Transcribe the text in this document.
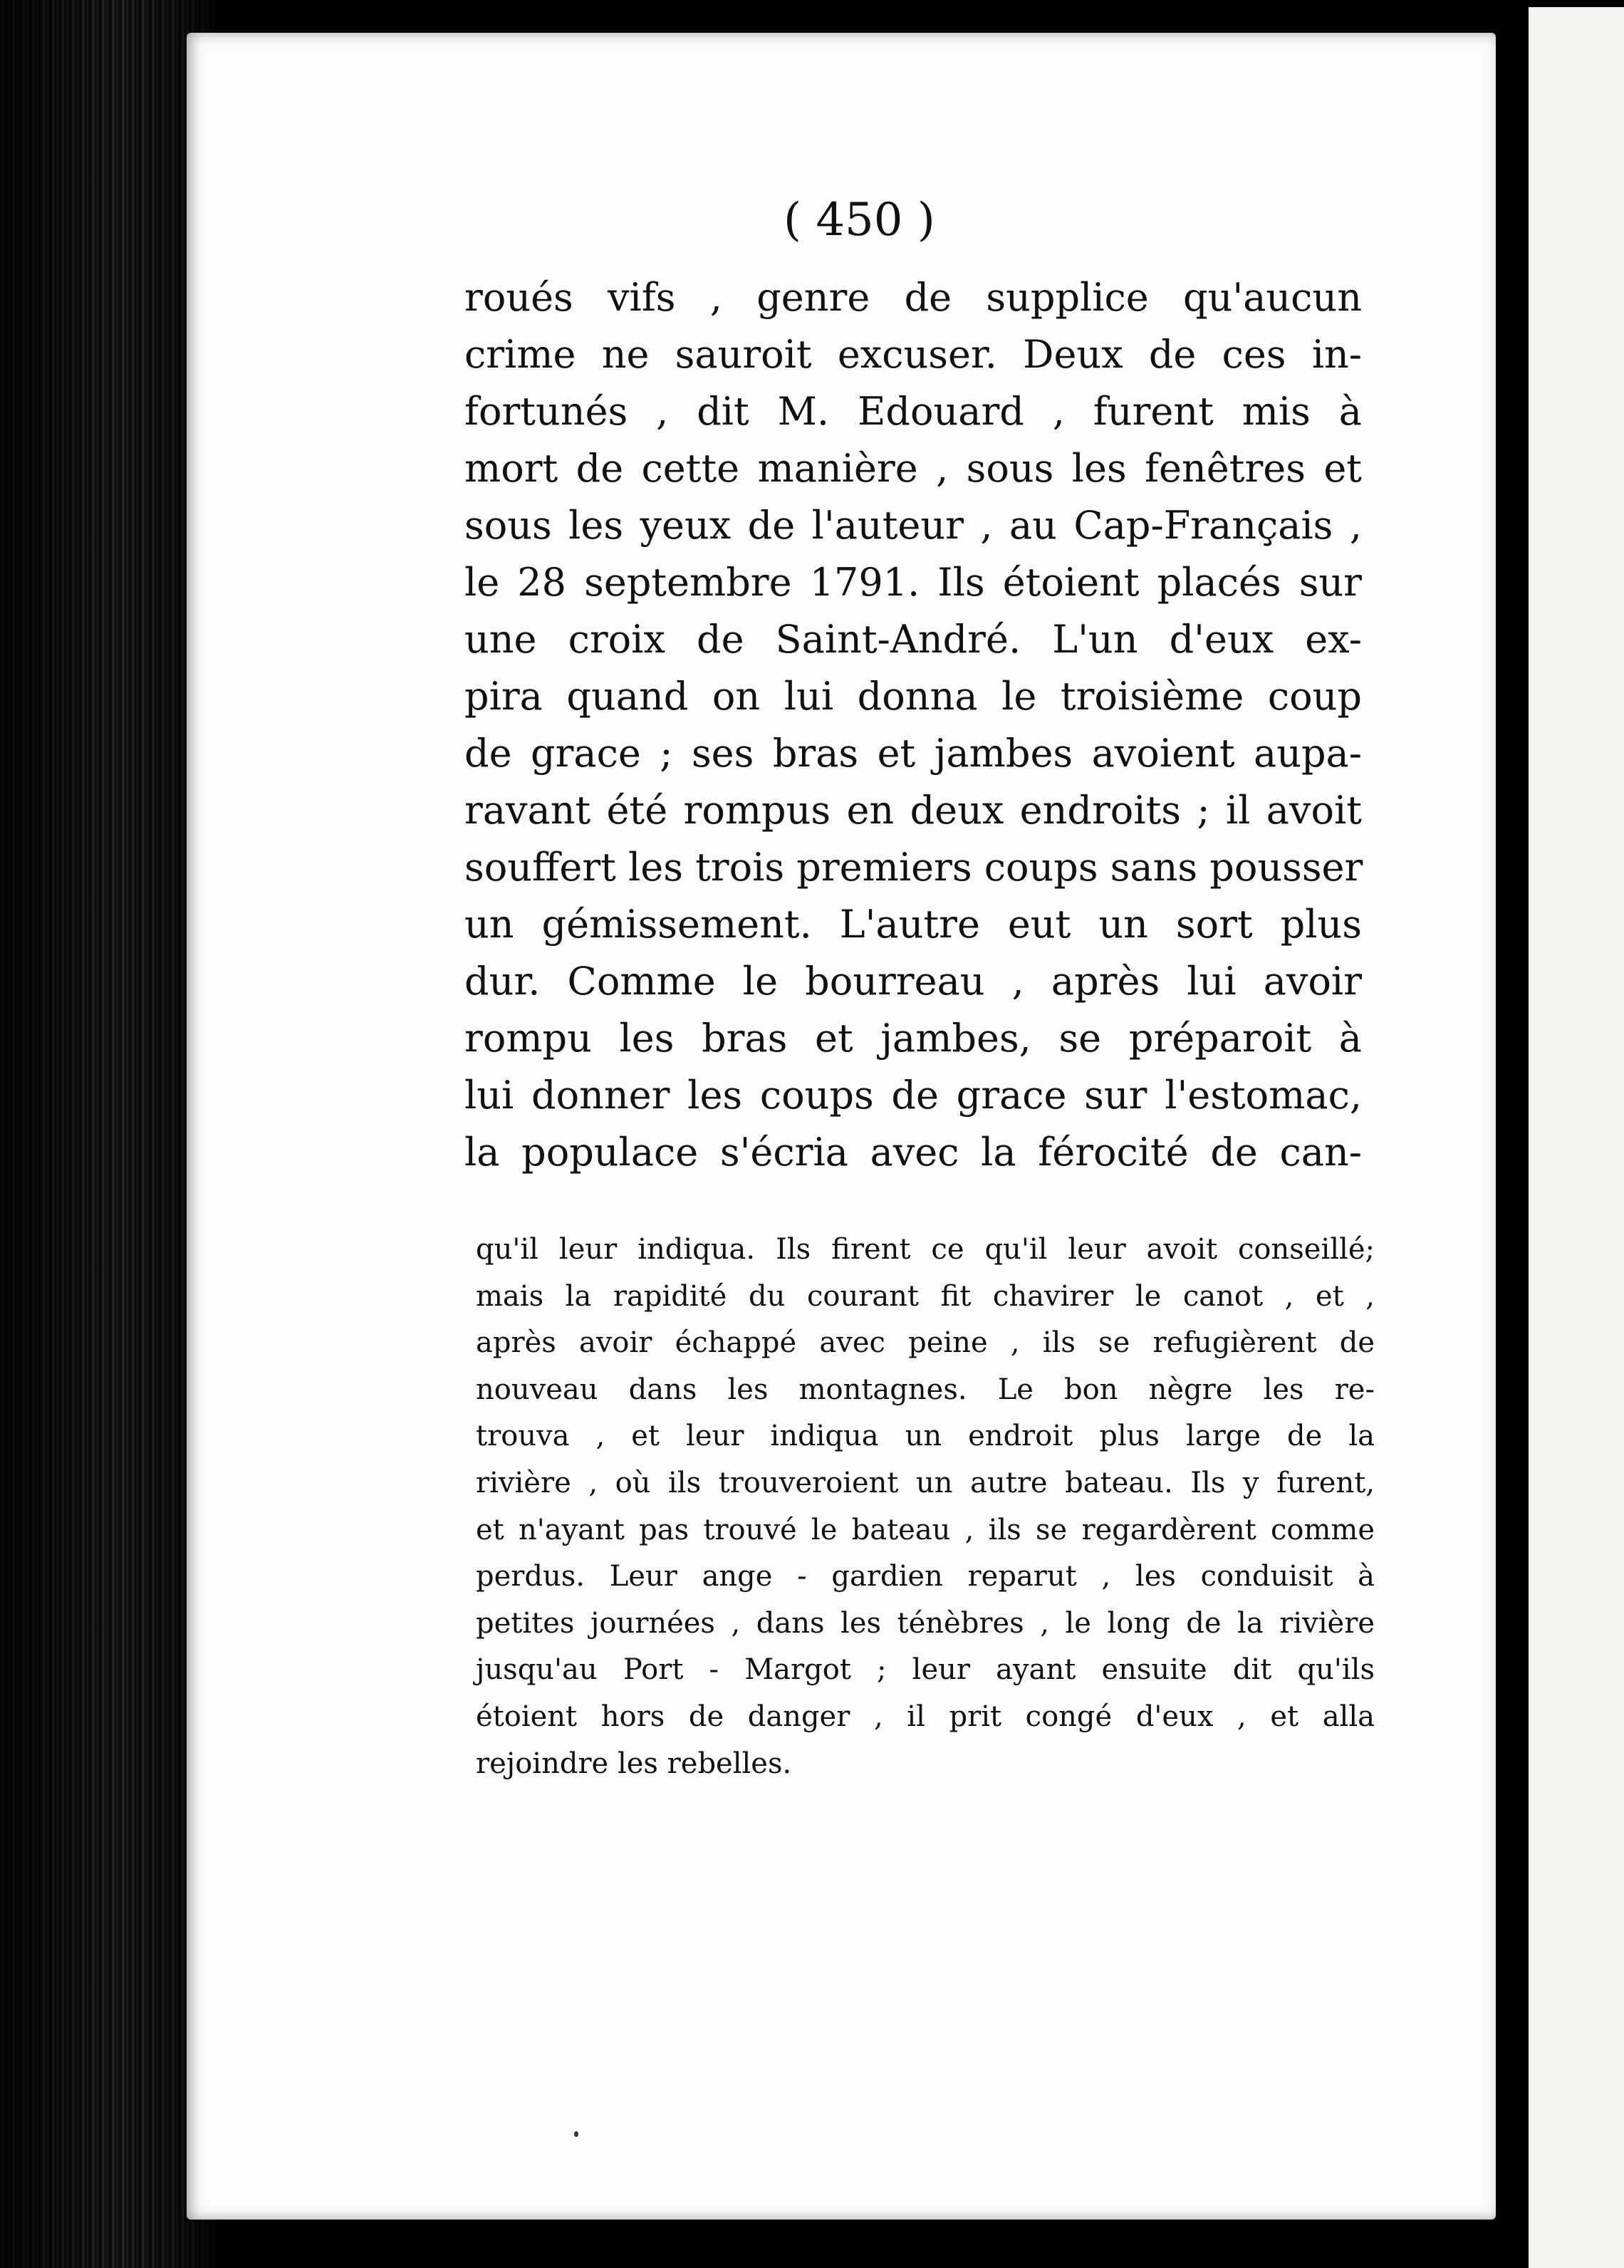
( 450 )
roués vifs , genre de supplice qu'aucun
crime ne sauroit excuser. Deux de ces in-
fortunés , dit M. Edouard , furent mis à
mort de cette manière , sous les fenêtres et
sous les yeux de l'auteur , au Cap-Français ,
le 28 septembre 1791. Ils étoient placés sur
une croix de Saint-André. L'un d'eux ex-
pira quand on lui donna le troisième coup
de grace ; ses bras et jambes avoient aupa-
ravant été rompus en deux endroits ; il avoit
souffert les trois premiers coups sans pousser
un gémissement. L'autre eut un sort plus
dur. Comme le bourreau , après lui avoir
rompu les bras et jambes, se préparoit à
lui donner les coups de grace sur l'estomac,
la populace s'écria avec la férocité de can-
qu'il leur indiqua. Ils firent ce qu'il leur avoit conseillé;
mais la rapidité du courant fit chavirer le canot , et ,
après avoir échappé avec peine , ils se refugièrent de
nouveau dans les montagnes. Le bon nègre les re-
trouva , et leur indiqua un endroit plus large de la
rivière , où ils trouveroient un autre bateau. Ils y furent,
et n'ayant pas trouvé le bateau , ils se regardèrent comme
perdus. Leur ange - gardien reparut , les conduisit à
petites journées , dans les ténèbres , le long de la rivière
jusqu'au Port - Margot ; leur ayant ensuite dit qu'ils
étoient hors de danger , il prit congé d'eux , et alla
rejoindre les rebelles.
